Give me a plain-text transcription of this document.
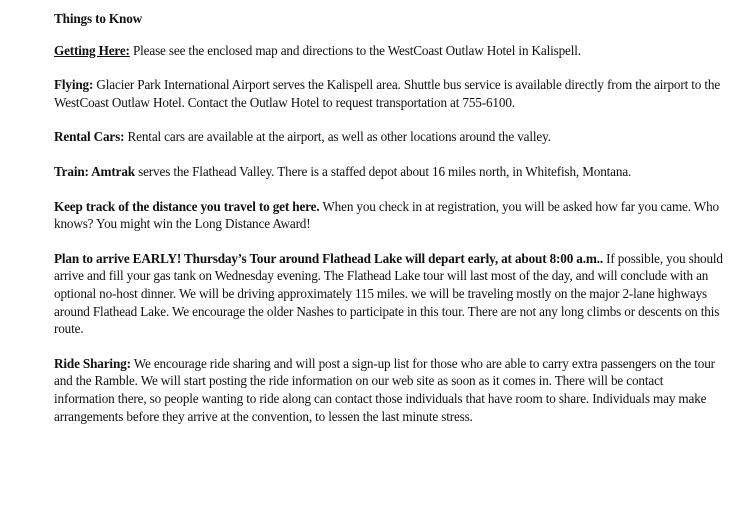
Things to Know

Getting Here: Please see the enclosed map and directions to the WestCoast Outlaw Hotel in Kalispell.

Flying: Glacier Park International Airport serves the Kalispell area. Shuttle bus service is available directly from the airport to the WestCoast Outlaw Hotel. Contact the Outlaw Hotel to request transportation at 755-6100.

Rental Cars: Rental cars are available at the airport, as well as other locations around the valley.

Train: Amtrak serves the Flathead Valley. There is a staffed depot about 16 miles north, in Whitefish, Montana.

Keep track of the distance you travel to get here. When you check in at registration, you will be asked how far you came. Who knows? You might win the Long Distance Award!

Plan to arrive EARLY! Thursday’s Tour around Flathead Lake will depart early, at about 8:00 a.m.. If possible, you should arrive and fill your gas tank on Wednesday evening. The Flathead Lake tour will last most of the day, and will conclude with an optional no-host dinner. We will be driving approximately 115 miles. we will be traveling mostly on the major 2-lane highways around Flathead Lake. We encourage the older Nashes to participate in this tour. There are not any long climbs or descents on this route.

Ride Sharing: We encourage ride sharing and will post a sign-up list for those who are able to carry extra passengers on the tour and the Ramble. We will start posting the ride information on our web site as soon as it comes in. There will be contact information there, so people wanting to ride along can contact those individuals that have room to share. Individuals may make arrangements before they arrive at the convention, to lessen the last minute stress.
